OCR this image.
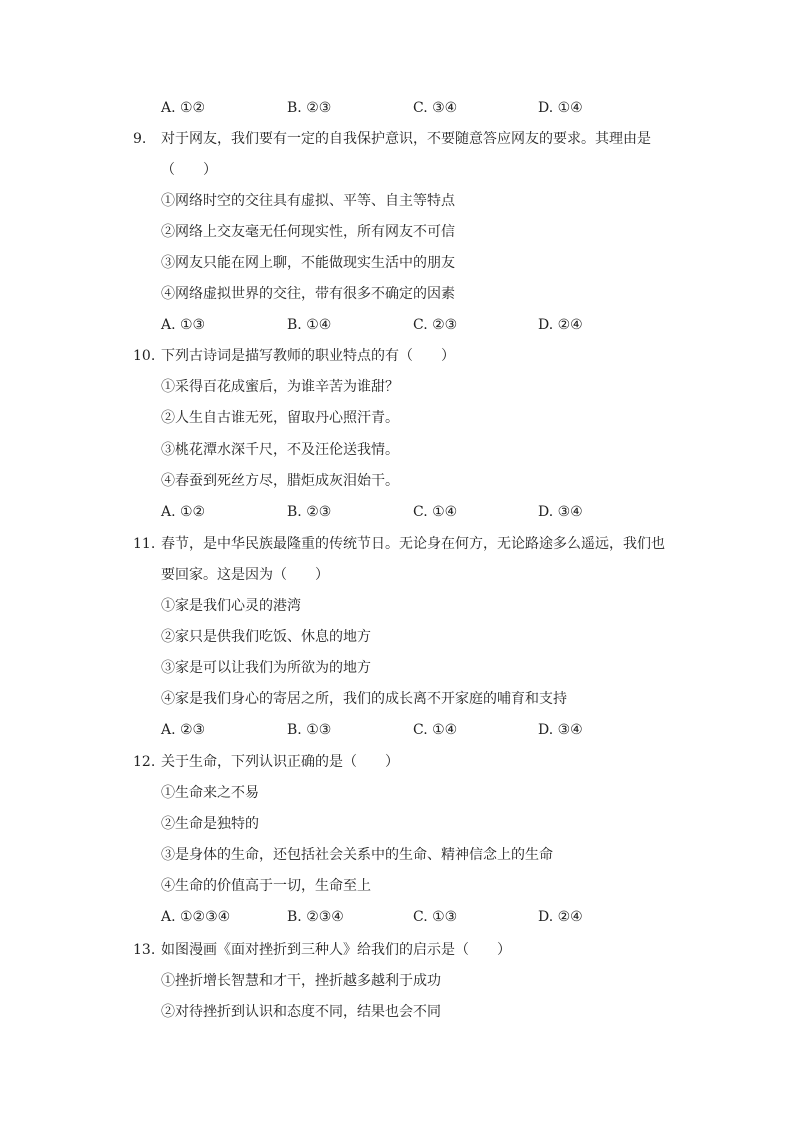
A. ①②	B. ②③	C. ③④	D. ①④
9. 对于网友，我们要有一定的自我保护意识，不要随意答应网友的要求。其理由是
（　　）
①网络时空的交往具有虚拟、平等、自主等特点
②网络上交友毫无任何现实性，所有网友不可信
③网友只能在网上聊，不能做现实生活中的朋友
④网络虚拟世界的交往，带有很多不确定的因素
A. ①③	B. ①④	C. ②③	D. ②④
10. 下列古诗词是描写教师的职业特点的有（　　）
①采得百花成蜜后，为谁辛苦为谁甜？
②人生自古谁无死，留取丹心照汗青。
③桃花潭水深千尺，不及汪伦送我情。
④春蚕到死丝方尽，腊炬成灰泪始干。
A. ①②	B. ②③	C. ①④	D. ③④
11. 春节，是中华民族最隆重的传统节日。无论身在何方，无论路途多么遥远，我们也
要回家。这是因为（　　）
①家是我们心灵的港湾
②家只是供我们吃饭、休息的地方
③家是可以让我们为所欲为的地方
④家是我们身心的寄居之所，我们的成长离不开家庭的哺育和支持
A. ②③	B. ①③	C. ①④	D. ③④
12. 关于生命，下列认识正确的是（　　）
①生命来之不易
②生命是独特的
③是身体的生命，还包括社会关系中的生命、精神信念上的生命
④生命的价值高于一切，生命至上
A. ①②③④	B. ②③④	C. ①③	D. ②④
13. 如图漫画《面对挫折到三种人》给我们的启示是（　　）
①挫折增长智慧和才干，挫折越多越利于成功
②对待挫折到认识和态度不同，结果也会不同
